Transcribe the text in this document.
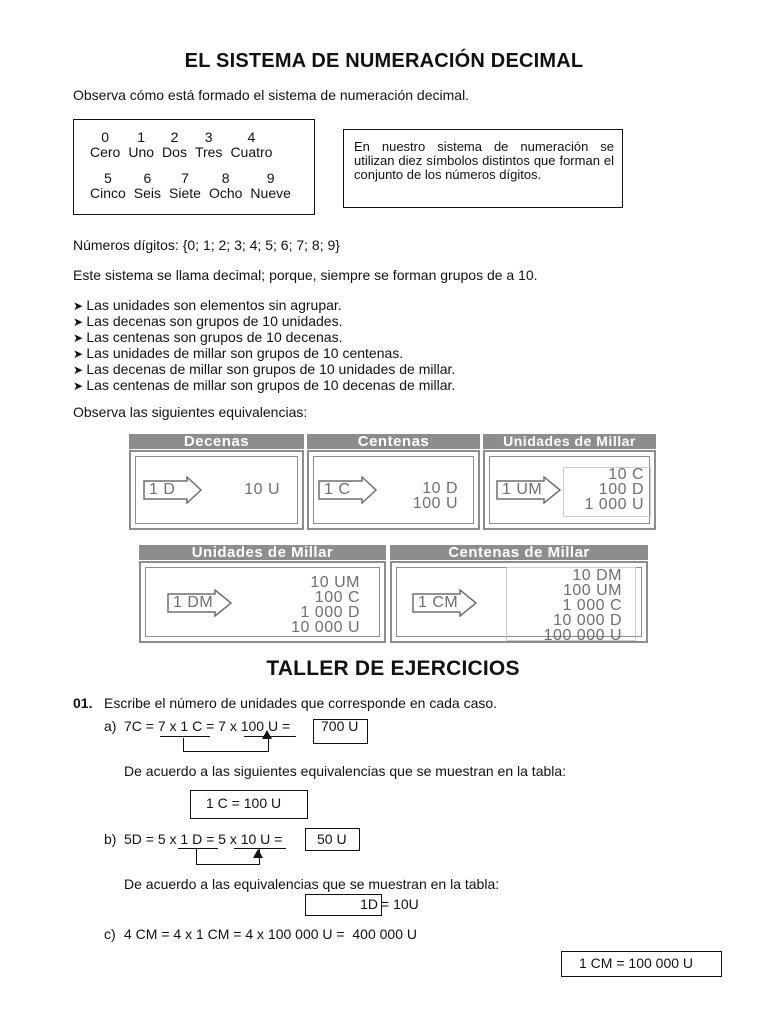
EL SISTEMA DE NUMERACIÓN DECIMAL
Observa cómo está formado el sistema de numeración decimal.
0
Cero
1
Uno
2
Dos
3
Tres
4
Cuatro
5
Cinco
6
Seis
7
Siete
8
Ocho
9
Nueve
En nuestro sistema de numeración se utilizan diez símbolos distintos que forman el conjunto de los números dígitos.
Números dígitos: {0; 1; 2; 3; 4; 5; 6; 7; 8; 9}
Este sistema se llama decimal; porque, siempre se forman grupos de a 10.
➤ Las unidades son elementos sin agrupar.
➤ Las decenas son grupos de 10 unidades.
➤ Las centenas son grupos de 10 decenas.
➤ Las unidades de millar son grupos de 10 centenas.
➤ Las decenas de millar son grupos de 10 unidades de millar.
➤ Las centenas de millar son grupos de 10 decenas de millar.
Observa las siguientes equivalencias:
Decenas
1 D	10 U
Centenas
1 C	10 D
100 U
Unidades de Millar
1 UM
10 C
100 D
1 000 U
Unidades de Millar
1 DM
10 UM
100 C
1 000 D
10 000 U
Centenas de Millar
1 CM
10 DM
100 UM
1 000 C
10 000 D
100 000 U
TALLER DE EJERCICIOS
01. Escribe el número de unidades que corresponde en cada caso.
a) 7C = 7 x 1 C = 7 x 100 U = 700 U
De acuerdo a las siguientes equivalencias que se muestran en la tabla:
1 C = 100 U
b) 5D = 5 x 1 D = 5 x 10 U = 50 U
De acuerdo a las equivalencias que se muestran en la tabla:
1D = 10U
c) 4 CM = 4 x 1 CM = 4 x 100 000 U =  400 000 U
1 CM = 100 000 U
